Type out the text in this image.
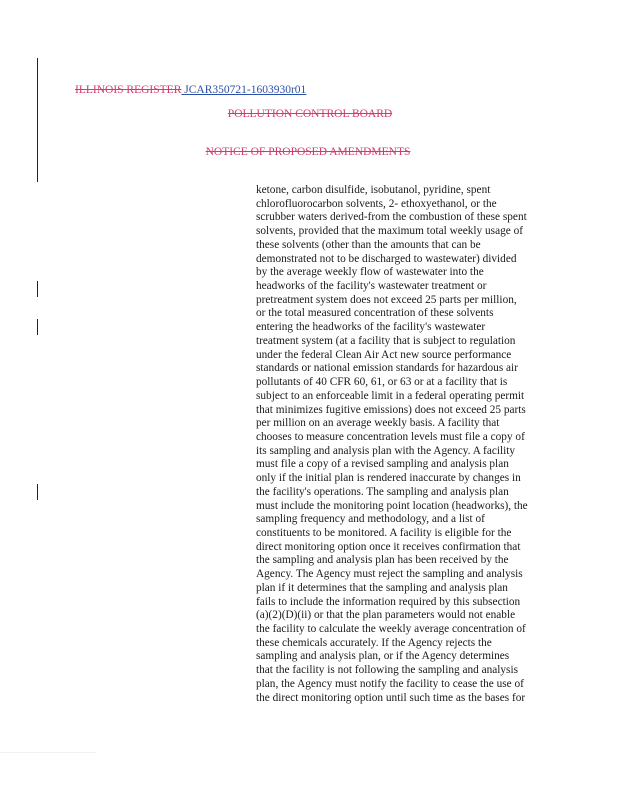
ILLINOIS REGISTER JCAR350721-1603930r01
POLLUTION CONTROL BOARD
NOTICE OF PROPOSED AMENDMENTS
ketone, carbon disulfide, isobutanol, pyridine, spent
chlorofluorocarbon solvents, 2- ethoxyethanol, or the
scrubber waters derived-from the combustion of these spent
solvents, provided that the maximum total weekly usage of
these solvents (other than the amounts that can be
demonstrated not to be discharged to wastewater) divided
by the average weekly flow of wastewater into the
headworks of the facility's wastewater treatment or
pretreatment system does not exceed 25 parts per million,
or the total measured concentration of these solvents
entering the headworks of the facility's wastewater
treatment system (at a facility that is subject to regulation
under the federal Clean Air Act new source performance
standards or national emission standards for hazardous air
pollutants of 40 CFR 60, 61, or 63 or at a facility that is
subject to an enforceable limit in a federal operating permit
that minimizes fugitive emissions) does not exceed 25 parts
per million on an average weekly basis. A facility that
chooses to measure concentration levels must file a copy of
its sampling and analysis plan with the Agency. A facility
must file a copy of a revised sampling and analysis plan
only if the initial plan is rendered inaccurate by changes in
the facility's operations. The sampling and analysis plan
must include the monitoring point location (headworks), the
sampling frequency and methodology, and a list of
constituents to be monitored. A facility is eligible for the
direct monitoring option once it receives confirmation that
the sampling and analysis plan has been received by the
Agency. The Agency must reject the sampling and analysis
plan if it determines that the sampling and analysis plan
fails to include the information required by this subsection
(a)(2)(D)(ii) or that the plan parameters would not enable
the facility to calculate the weekly average concentration of
these chemicals accurately. If the Agency rejects the
sampling and analysis plan, or if the Agency determines
that the facility is not following the sampling and analysis
plan, the Agency must notify the facility to cease the use of
the direct monitoring option until such time as the bases for
